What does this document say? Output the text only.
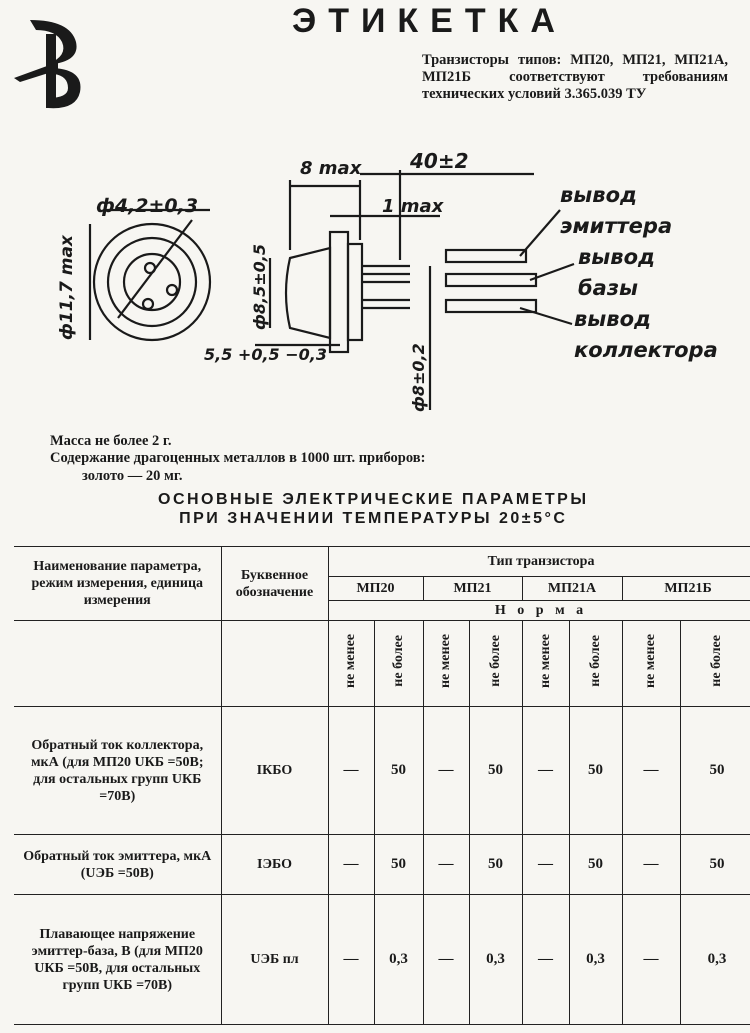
ЭТИКЕТКА
Транзисторы типов: МП20, МП21, МП21А, МП21Б соответствуют требованиям технических условий 3.365.039 ТУ
ф4,2±0,3
ф11,7 max
8 max 40±2
1 max
ф8,5±0,5
5,5 +0,5 −0,3	ф8±0,2
вывод эмиттера
вывод базы
вывод коллектора
Масса не более 2 г.
Содержание драгоценных металлов в 1000 шт. приборов:
золото — 20 мг.
ОСНОВНЫЕ ЭЛЕКТРИЧЕСКИЕ ПАРАМЕТРЫ
ПРИ ЗНАЧЕНИИ ТЕМПЕРАТУРЫ 20±5°С
Наименование параметра, режим измерения, единица измерения	Буквенное обозначение	Тип транзистора							
		МП20		МП21		МП21А		МП21Б	
		Н о р м а							
		не менее	не более	не менее	не более	не менее	не более	не менее	не более
Обратный ток коллектора, мкА (для МП20 UКБ =50В; для остальных групп UКБ =70В)	IКБО	—	50	—	50	—	50	—	50
Обратный ток эмиттера, мкА (UЭБ =50В)	IЭБО	—	50	—	50	—	50	—	50
Плавающее напряжение эмиттер-база, В (для МП20 UКБ =50В, для остальных групп UКБ =70В)	UЭБ пл	—	0,3	—	0,3	—	0,3	—	0,3
